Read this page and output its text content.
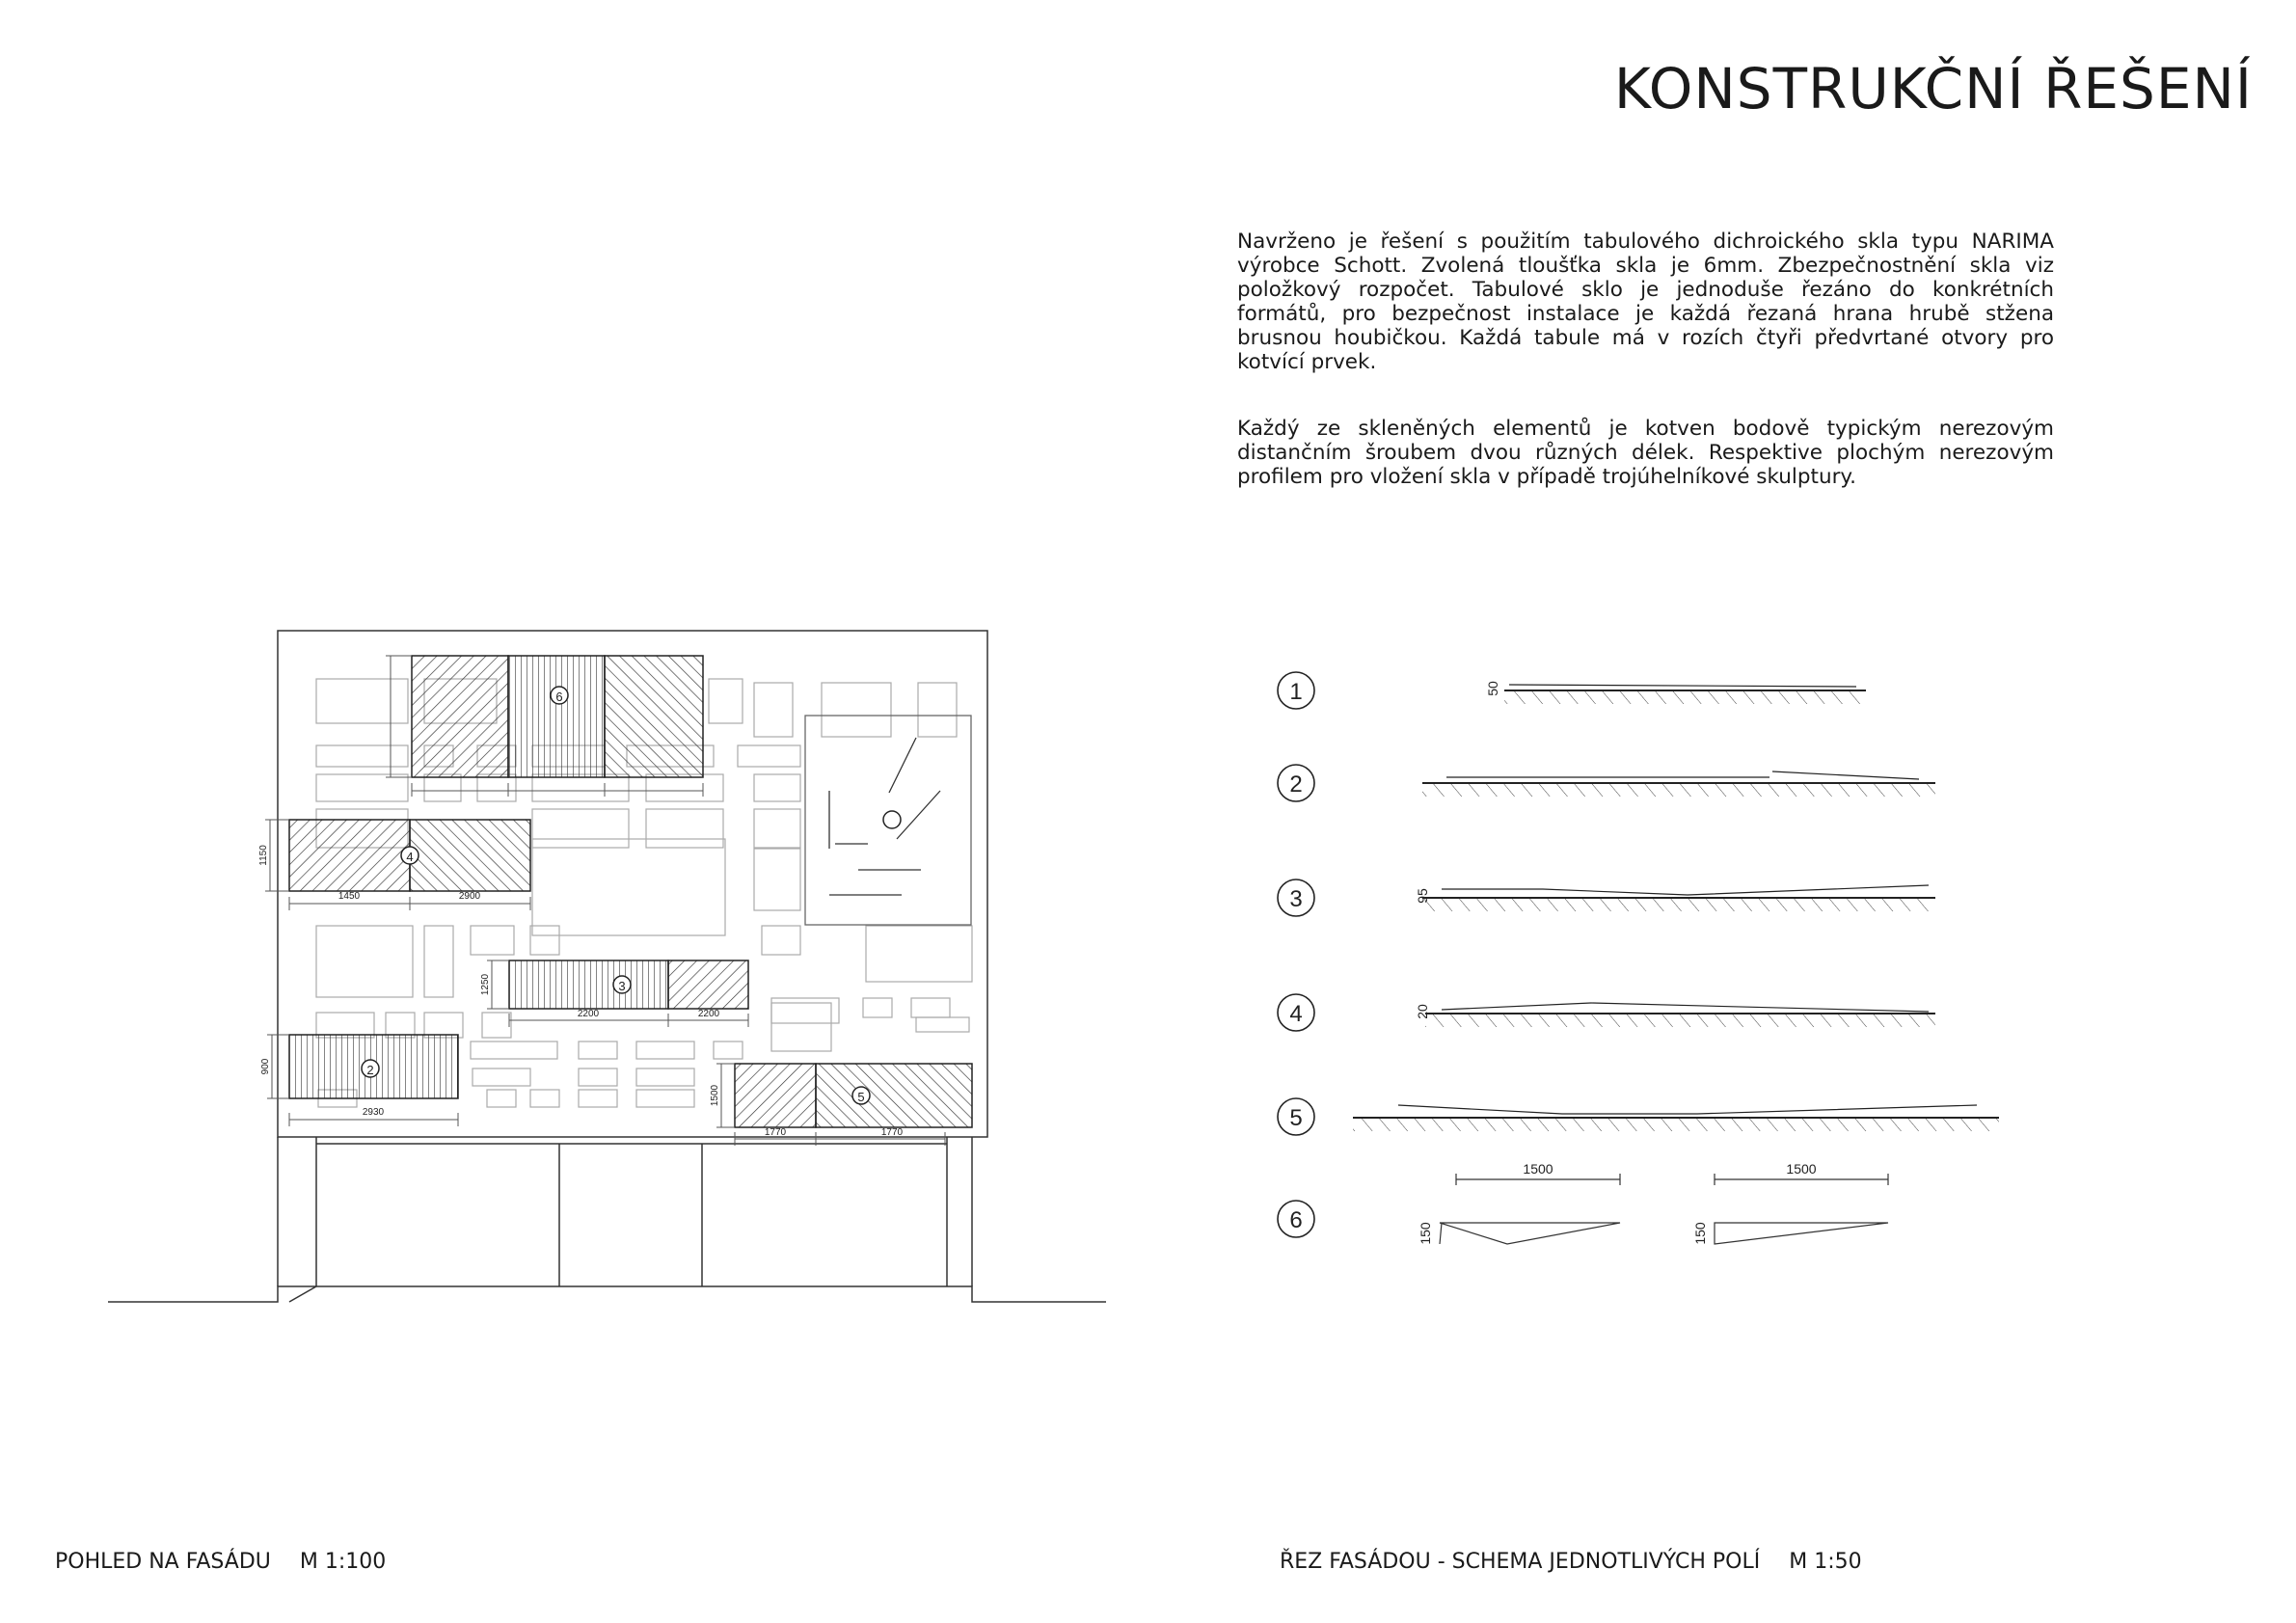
KONSTRUKČNÍ ŘEŠENÍ

Navrženo je řešení s použitím tabulového dichroického skla typu NARIMA výrobce Schott. Zvolená tloušťka skla je 6mm. Zbezpečnostnění skla viz položkový rozpočet. Tabulové sklo je jednoduše řezáno do konkrétních formátů, pro bezpečnost instalace je každá řezaná hrana hrubě stžena brusnou houbičkou. Každá tabule má v rozích čtyři předvrtané otvory pro kotvící prvek.

Každý ze skleněných elementů je kotven bodově typickým nerezovým distančním šroubem dvou různých délek. Respektive plochým nerezovým profilem pro vložení skla v případě trojúhelníkové skulptury.

6
4
1150
1450	2900
3
1250
2200	2200
2
900
2930
5
1500
1770	1770
1	50
2
3	95
4	20
5
6
1500
150
1500
150
POHLED NA FASÁDU M 1:100	ŘEZ FASÁDOU - SCHEMA JEDNOTLIVÝCH POLÍ M 1:50
